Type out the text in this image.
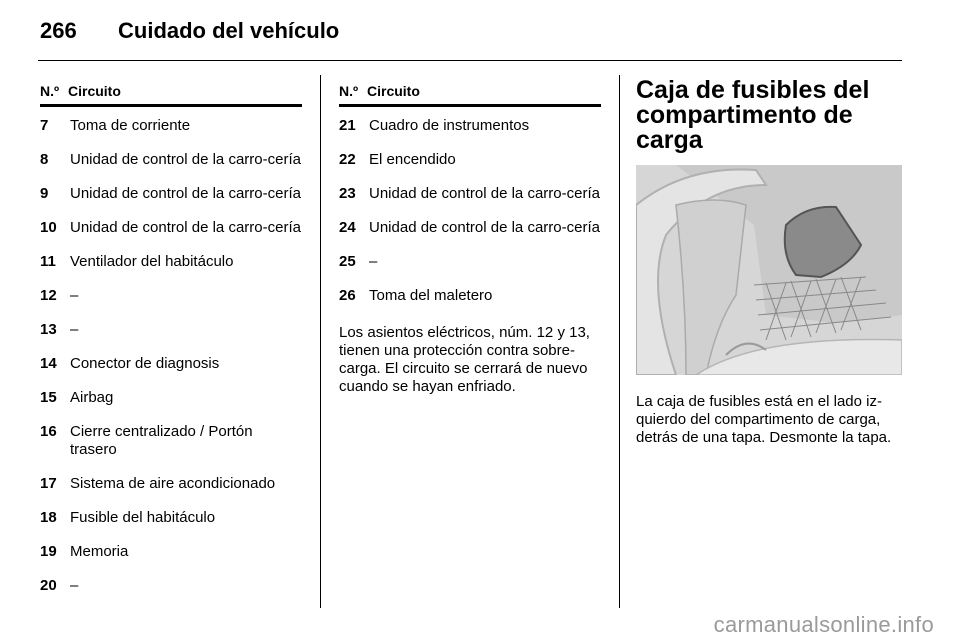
266 Cuidado del vehículo
N.º Circuito
7	Toma de corriente
8	Unidad de control de la carro-cería
9	Unidad de control de la carro-cería
10 Unidad de control de la carro-cería
11 Ventilador del habitáculo
12 –
13 –
14 Conector de diagnosis
15 Airbag
16 Cierre centralizado / Portón trasero
17 Sistema de aire acondicionado
18 Fusible del habitáculo
19 Memoria
20 –
N.º Circuito
21 Cuadro de instrumentos
22 El encendido
23 Unidad de control de la carro-cería
24 Unidad de control de la carro-cería
25 –
26 Toma del maletero

Los asientos eléctricos, núm. 12 y 13, tienen una protección contra sobre-carga. El circuito se cerrará de nuevo cuando se hayan enfriado.

Caja de fusibles del compartimento de carga

La caja de fusibles está en el lado iz-quierdo del compartimento de carga, detrás de una tapa. Desmonte la tapa.

carmanualsonline.info
